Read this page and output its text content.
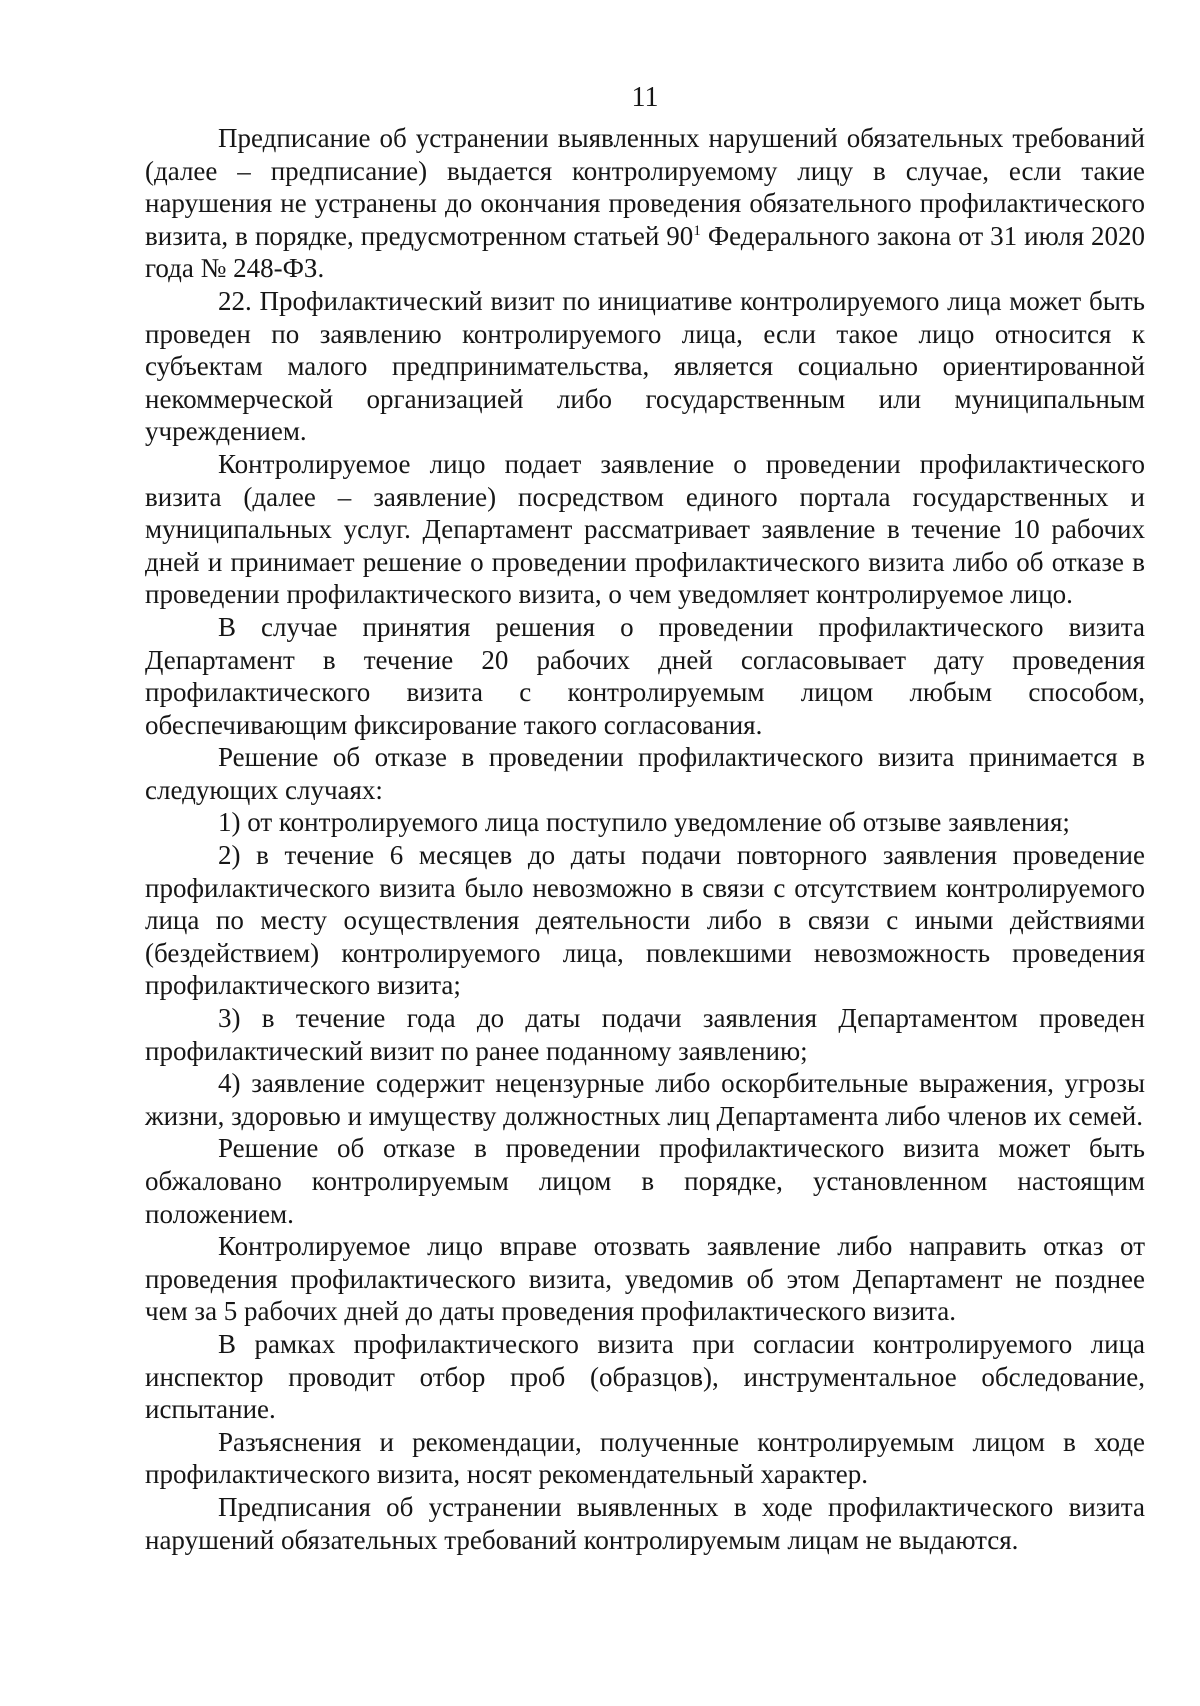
11

Предписание об устранении выявленных нарушений обязательных требований (далее – предписание) выдается контролируемому лицу в случае, если такие нарушения не устранены до окончания проведения обязательного профилактического визита, в порядке, предусмотренном статьей $90^1$ Федерального закона от 31 июля 2020 года № 248-ФЗ.

22. Профилактический визит по инициативе контролируемого лица может быть проведен по заявлению контролируемого лица, если такое лицо относится к субъектам малого предпринимательства, является социально ориентированной некоммерческой организацией либо государственным или муниципальным учреждением.

Контролируемое лицо подает заявление о проведении профилактического визита (далее – заявление) посредством единого портала государственных и муниципальных услуг. Департамент рассматривает заявление в течение 10 рабочих дней и принимает решение о проведении профилактического визита либо об отказе в проведении профилактического визита, о чем уведомляет контролируемое лицо.

В случае принятия решения о проведении профилактического визита Департамент в течение 20 рабочих дней согласовывает дату проведения профилактического визита с контролируемым лицом любым способом, обеспечивающим фиксирование такого согласования.

Решение об отказе в проведении профилактического визита принимается в следующих случаях:

1) от контролируемого лица поступило уведомление об отзыве заявления;

2) в течение 6 месяцев до даты подачи повторного заявления проведение профилактического визита было невозможно в связи с отсутствием контролируемого лица по месту осуществления деятельности либо в связи с иными действиями (бездействием) контролируемого лица, повлекшими невозможность проведения профилактического визита;

3) в течение года до даты подачи заявления Департаментом проведен профилактический визит по ранее поданному заявлению;

4) заявление содержит нецензурные либо оскорбительные выражения, угрозы жизни, здоровью и имуществу должностных лиц Департамента либо членов их семей.

Решение об отказе в проведении профилактического визита может быть обжаловано контролируемым лицом в порядке, установленном настоящим положением.

Контролируемое лицо вправе отозвать заявление либо направить отказ от проведения профилактического визита, уведомив об этом Департамент не позднее чем за 5 рабочих дней до даты проведения профилактического визита.

В рамках профилактического визита при согласии контролируемого лица инспектор проводит отбор проб (образцов), инструментальное обследование, испытание.

Разъяснения и рекомендации, полученные контролируемым лицом в ходе профилактического визита, носят рекомендательный характер.

Предписания об устранении выявленных в ходе профилактического визита нарушений обязательных требований контролируемым лицам не выдаются.
